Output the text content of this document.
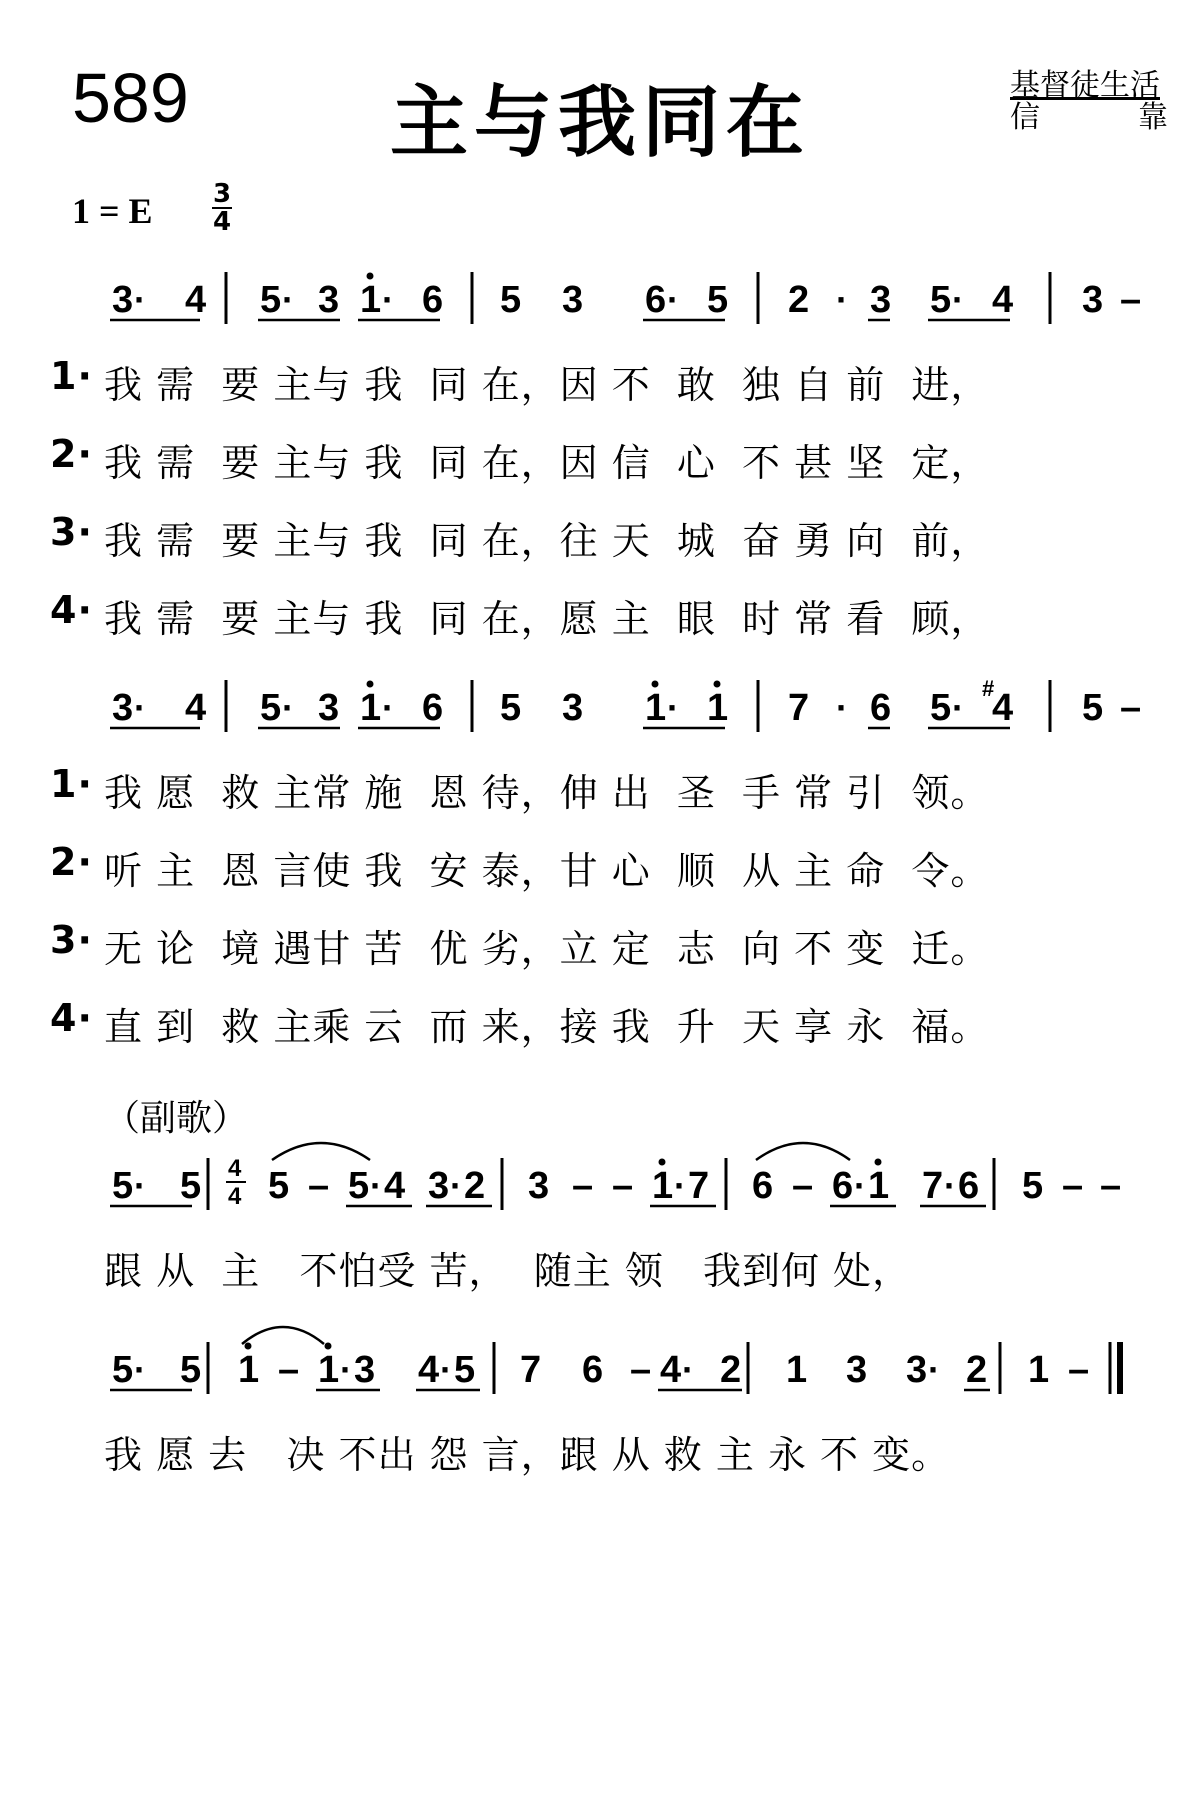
589	主与我同在	基督徒生活
信	靠
1 = E 3
4
1· 我 需  要 主与 我  同 在，因 不  敢  独 自 前  进，
2· 我 需  要 主与 我  同 在，因 信  心  不 甚 坚  定，
3· 我 需  要 主与 我  同 在，往 天  城  奋 勇 向  前，
4· 我 需  要 主与 我  同 在，愿 主  眼  时 常 看  顾，
1· 我 愿  救 主常 施  恩 待，伸 出  圣  手 常 引  领。
2· 听 主  恩 言使 我  安 泰，甘 心  顺  从 主 命  令。
3· 无 论  境 遇甘 苦  优 劣，立 定  志  向 不 变  迁。
4· 直 到  救 主乘 云  而 来，接 我  升  天 享 永  福。
（副歌）
跟 从  主   不怕受 苦，  随主 领   我到何 处，
我 愿 去   决 不出 怨 言，跟 从 救 主 永 不 变。
3 · 4 5 · 3 1 · 6 5 3 6 · 5 2 · 3 5 · 4 3 –
3 · 4 5 · 3 1 · 6 5 3 1 · 1 7 · 6 5 · #
4 5 –
5 · 5 5 – 5 · 4 3 · 2 3 – – 1 · 7 6 – 6 · 1 7 · 6 5 – –
4
4
5 · 5 1 – 1 · 3 4 · 5 7 6 – 4 · 2 1 3 3 · 2 1 –
